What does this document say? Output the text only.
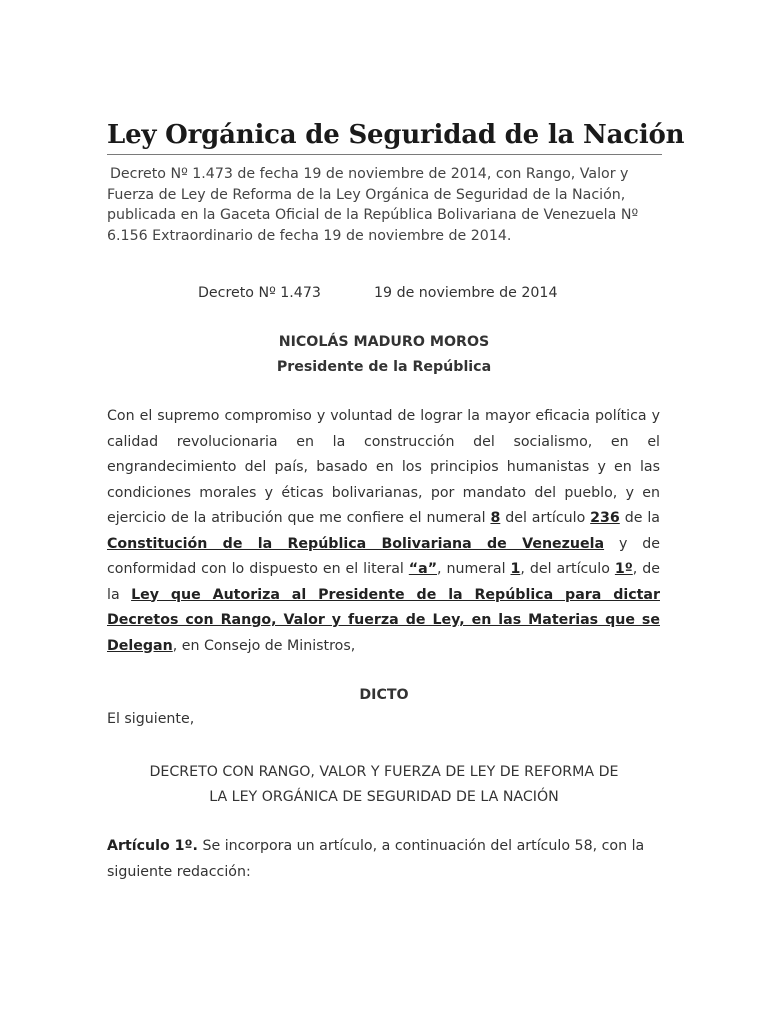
Ley Orgánica de Seguridad de la Nación

Decreto Nº 1.473 de fecha 19 de noviembre de 2014, con Rango, Valor y Fuerza de Ley de Reforma de la Ley Orgánica de Seguridad de la Nación, publicada en la Gaceta Oficial de la República Bolivariana de Venezuela Nº 6.156 Extraordinario de fecha 19 de noviembre de 2014.

Decreto Nº 1.473	19 de noviembre de 2014
NICOLÁS MADURO MOROS
Presidente de la República

Con el supremo compromiso y voluntad de lograr la mayor eficacia política y calidad revolucionaria en la construcción del socialismo, en el engrandecimiento del país, basado en los principios humanistas y en las condiciones morales y éticas bolivarianas, por mandato del pueblo, y en ejercicio de la atribución que me confiere el numeral 8 del artículo 236 de la Constitución de la República Bolivariana de Venezuela y de conformidad con lo dispuesto en el literal “a”, numeral 1, del artículo 1º, de la Ley que Autoriza al Presidente de la República para dictar Decretos con Rango, Valor y fuerza de Ley, en las Materias que se Delegan, en Consejo de Ministros,

DICTO
El siguiente,
DECRETO CON RANGO, VALOR Y FUERZA DE LEY DE REFORMA DE
LA LEY ORGÁNICA DE SEGURIDAD DE LA NACIÓN

Artículo 1º. Se incorpora un artículo, a continuación del artículo 58, con la siguiente redacción:
